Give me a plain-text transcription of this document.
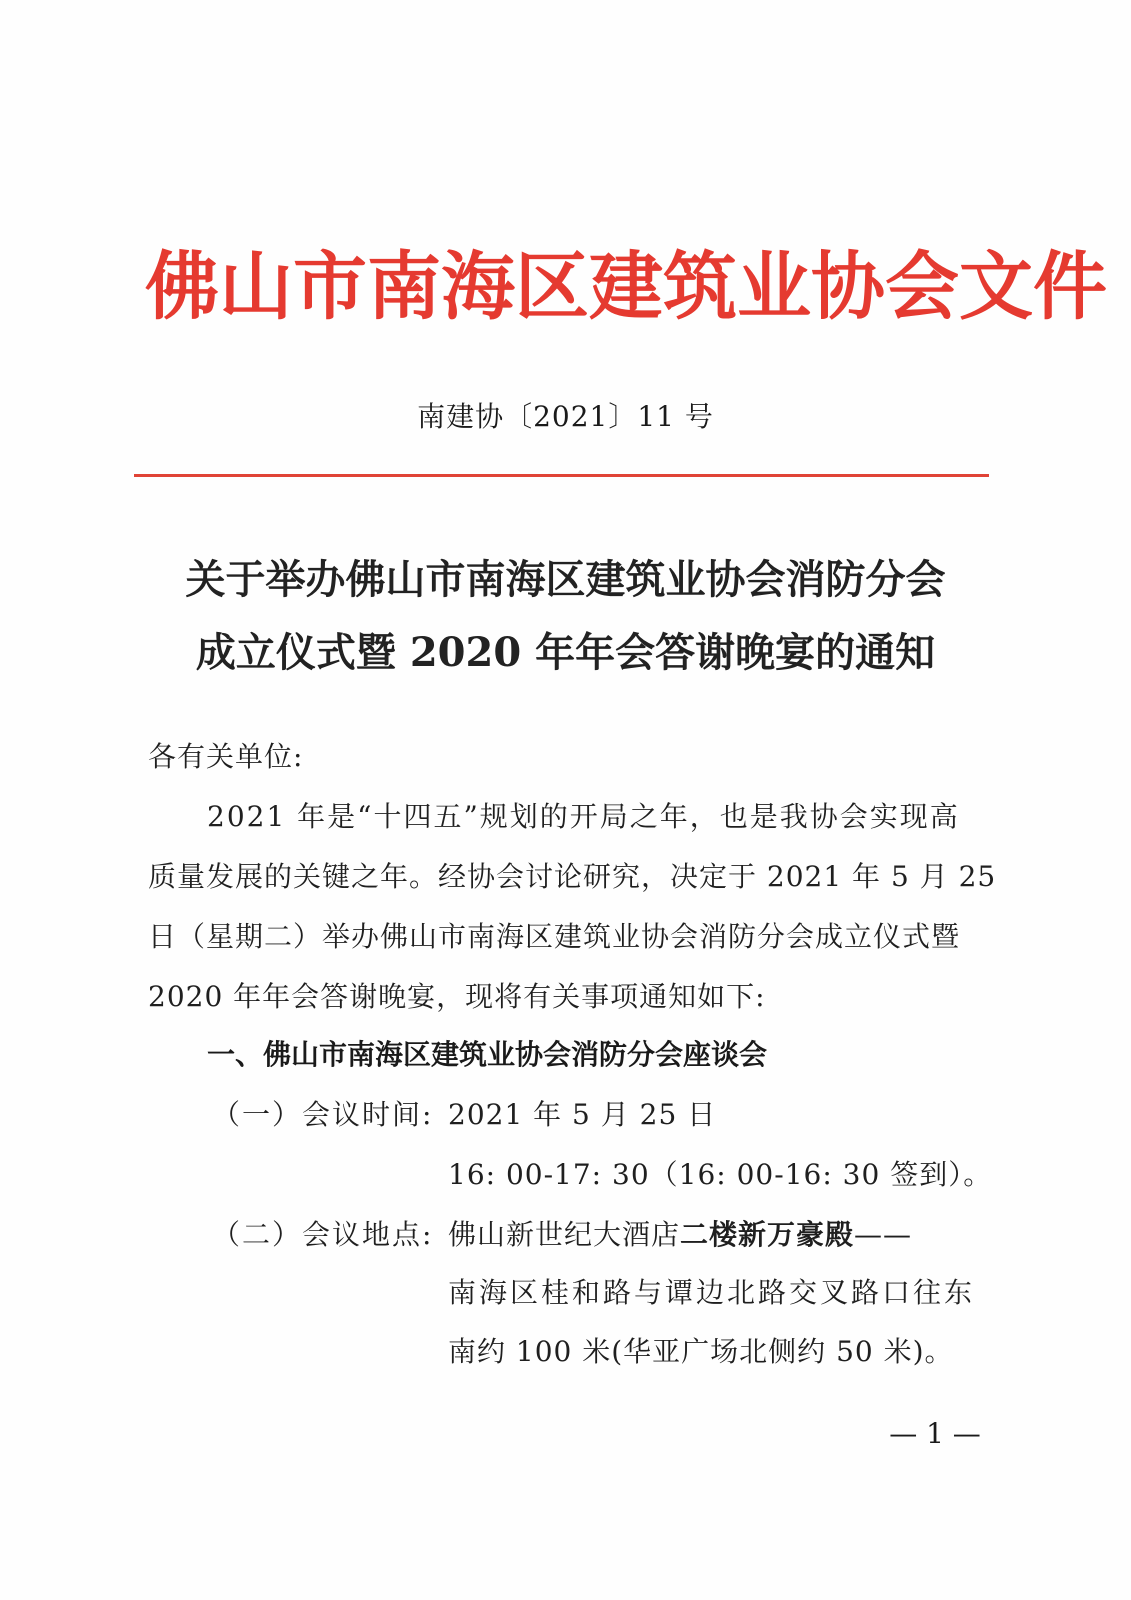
佛山市南海区建筑业协会文件
南建协〔2021〕11 号
关于举办佛山市南海区建筑业协会消防分会
成立仪式暨 2020 年年会答谢晚宴的通知
各有关单位:
2021 年是“十四五”规划的开局之年，也是我协会实现高
质量发展的关键之年。经协会讨论研究，决定于 2021 年 5 月 25
日（星期二）举办佛山市南海区建筑业协会消防分会成立仪式暨
2020 年年会答谢晚宴，现将有关事项通知如下:
一、佛山市南海区建筑业协会消防分会座谈会
（一）会议时间: 2021 年 5 月 25 日
16: 00-17: 30（16: 00-16: 30 签到）。
（二）会议地点: 佛山新世纪大酒店二楼新万豪殿——
南海区桂和路与谭边北路交叉路口往东
南约 100 米(华亚广场北侧约 50 米)。
— 1 —
